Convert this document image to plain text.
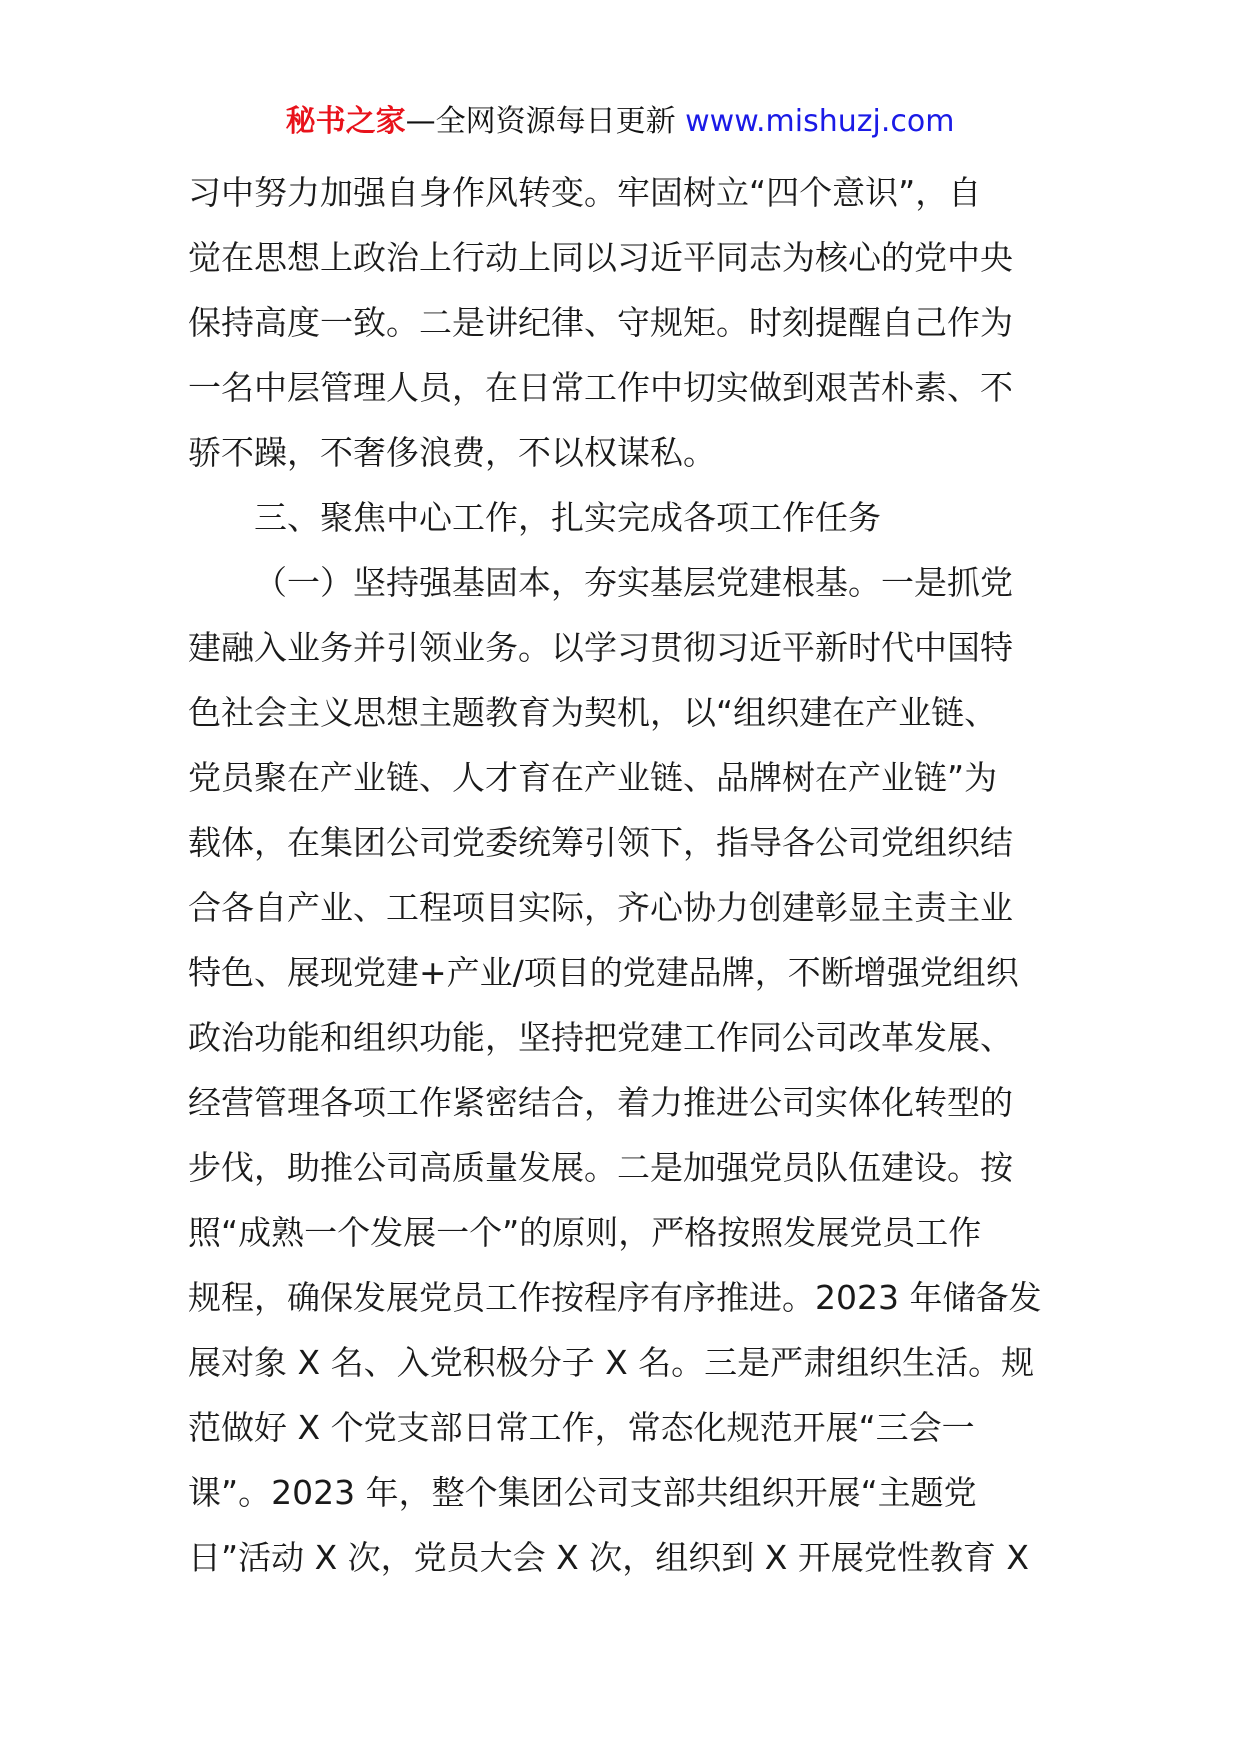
秘书之家—全网资源每日更新 www.mishuzj.com
习中努力加强自身作风转变。牢固树立“四个意识”，自
觉在思想上政治上行动上同以习近平同志为核心的党中央
保持高度一致。二是讲纪律、守规矩。时刻提醒自己作为
一名中层管理人员，在日常工作中切实做到艰苦朴素、不
骄不躁，不奢侈浪费，不以权谋私。
三、聚焦中心工作，扎实完成各项工作任务
（一）坚持强基固本，夯实基层党建根基。一是抓党
建融入业务并引领业务。以学习贯彻习近平新时代中国特
色社会主义思想主题教育为契机，以“组织建在产业链、
党员聚在产业链、人才育在产业链、品牌树在产业链”为
载体，在集团公司党委统筹引领下，指导各公司党组织结
合各自产业、工程项目实际，齐心协力创建彰显主责主业
特色、展现党建+产业/项目的党建品牌，不断增强党组织
政治功能和组织功能，坚持把党建工作同公司改革发展、
经营管理各项工作紧密结合，着力推进公司实体化转型的
步伐，助推公司高质量发展。二是加强党员队伍建设。按
照“成熟一个发展一个”的原则，严格按照发展党员工作
规程，确保发展党员工作按程序有序推进。2023 年储备发
展对象 X 名、入党积极分子 X 名。三是严肃组织生活。规
范做好 X 个党支部日常工作，常态化规范开展“三会一
课”。2023 年，整个集团公司支部共组织开展“主题党
日”活动 X 次，党员大会 X 次，组织到 X 开展党性教育 X
